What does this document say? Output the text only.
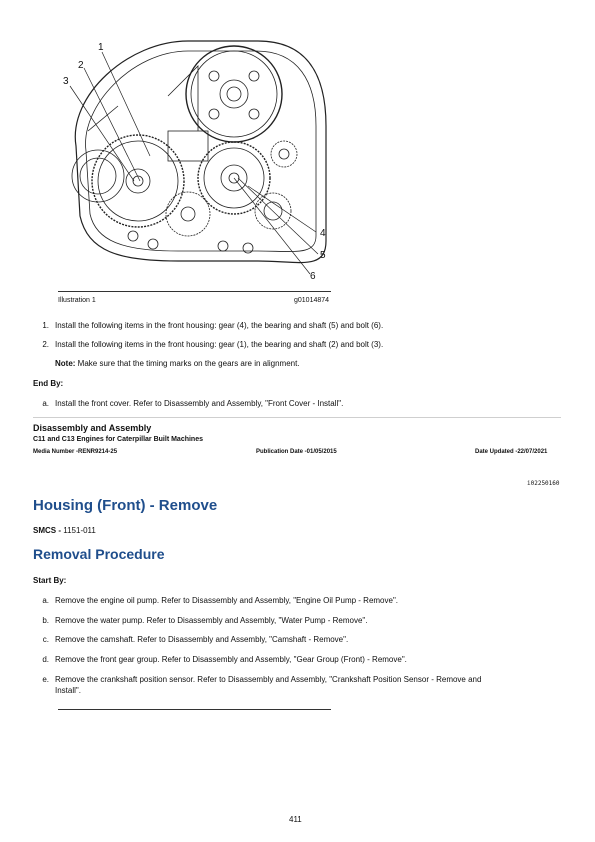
1
2
3
4
5
6
Illustration 1	g01014874
1. Install the following items in the front housing: gear (4), the bearing and shaft (5) and bolt (6).
2. Install the following items in the front housing: gear (1), the bearing and shaft (2) and bolt (3).
Note: Make sure that the timing marks on the gears are in alignment.
End By:
a. Install the front cover. Refer to Disassembly and Assembly, "Front Cover - Install".
Disassembly and Assembly
C11 and C13 Engines for Caterpillar Built Machines
Media Number -RENR9214-25	Publication Date -01/05/2015	Date Updated -22/07/2021
i02250160
Housing (Front) - Remove
SMCS - 1151-011
Removal Procedure
Start By:
a. Remove the engine oil pump. Refer to Disassembly and Assembly, "Engine Oil Pump - Remove".
b. Remove the water pump. Refer to Disassembly and Assembly, "Water Pump - Remove".
c. Remove the camshaft. Refer to Disassembly and Assembly, "Camshaft - Remove".
d. Remove the front gear group. Refer to Disassembly and Assembly, "Gear Group (Front) - Remove".
e. Remove the crankshaft position sensor. Refer to Disassembly and Assembly, "Crankshaft Position Sensor - Remove and
Install".
411
